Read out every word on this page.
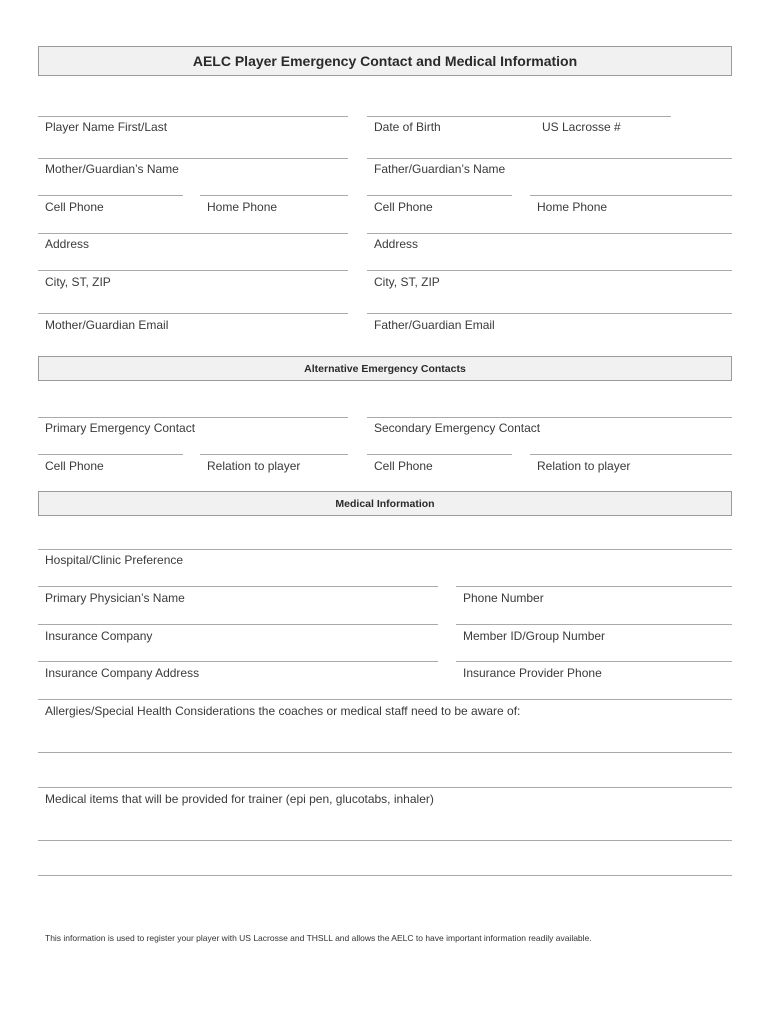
AELC Player Emergency Contact and Medical Information
Player Name First/Last	Date of Birth	US Lacrosse #
Mother/Guardian’s Name	Father/Guardian’s Name
Cell Phone	Home Phone	Cell Phone	Home Phone
Address	Address
City, ST, ZIP	City, ST, ZIP
Mother/Guardian Email	Father/Guardian Email
Alternative Emergency Contacts
Primary Emergency Contact	Secondary Emergency Contact
Cell Phone	Relation to player	Cell Phone	Relation to player
Medical Information
Hospital/Clinic Preference
Primary Physician’s Name	Phone Number
Insurance Company	Member ID/Group Number
Insurance Company Address	Insurance Provider Phone
Allergies/Special Health Considerations the coaches or medical staff need to be aware of:
Medical items that will be provided for trainer (epi pen, glucotabs, inhaler)
This information is used to register your player with US Lacrosse and THSLL and allows the AELC to have important information readily available.
